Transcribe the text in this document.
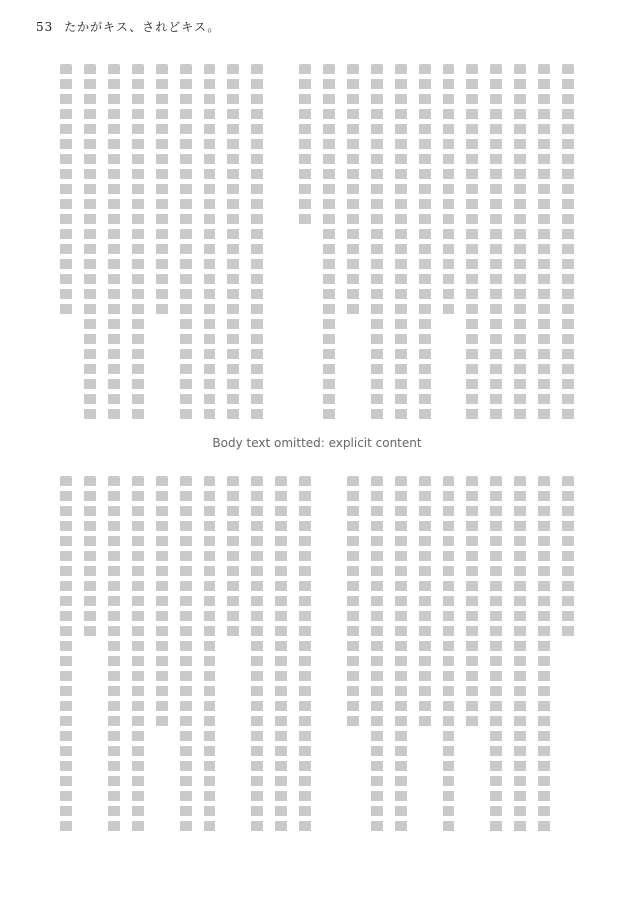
53 たかがキス、されどキス。
Body text omitted: explicit content
